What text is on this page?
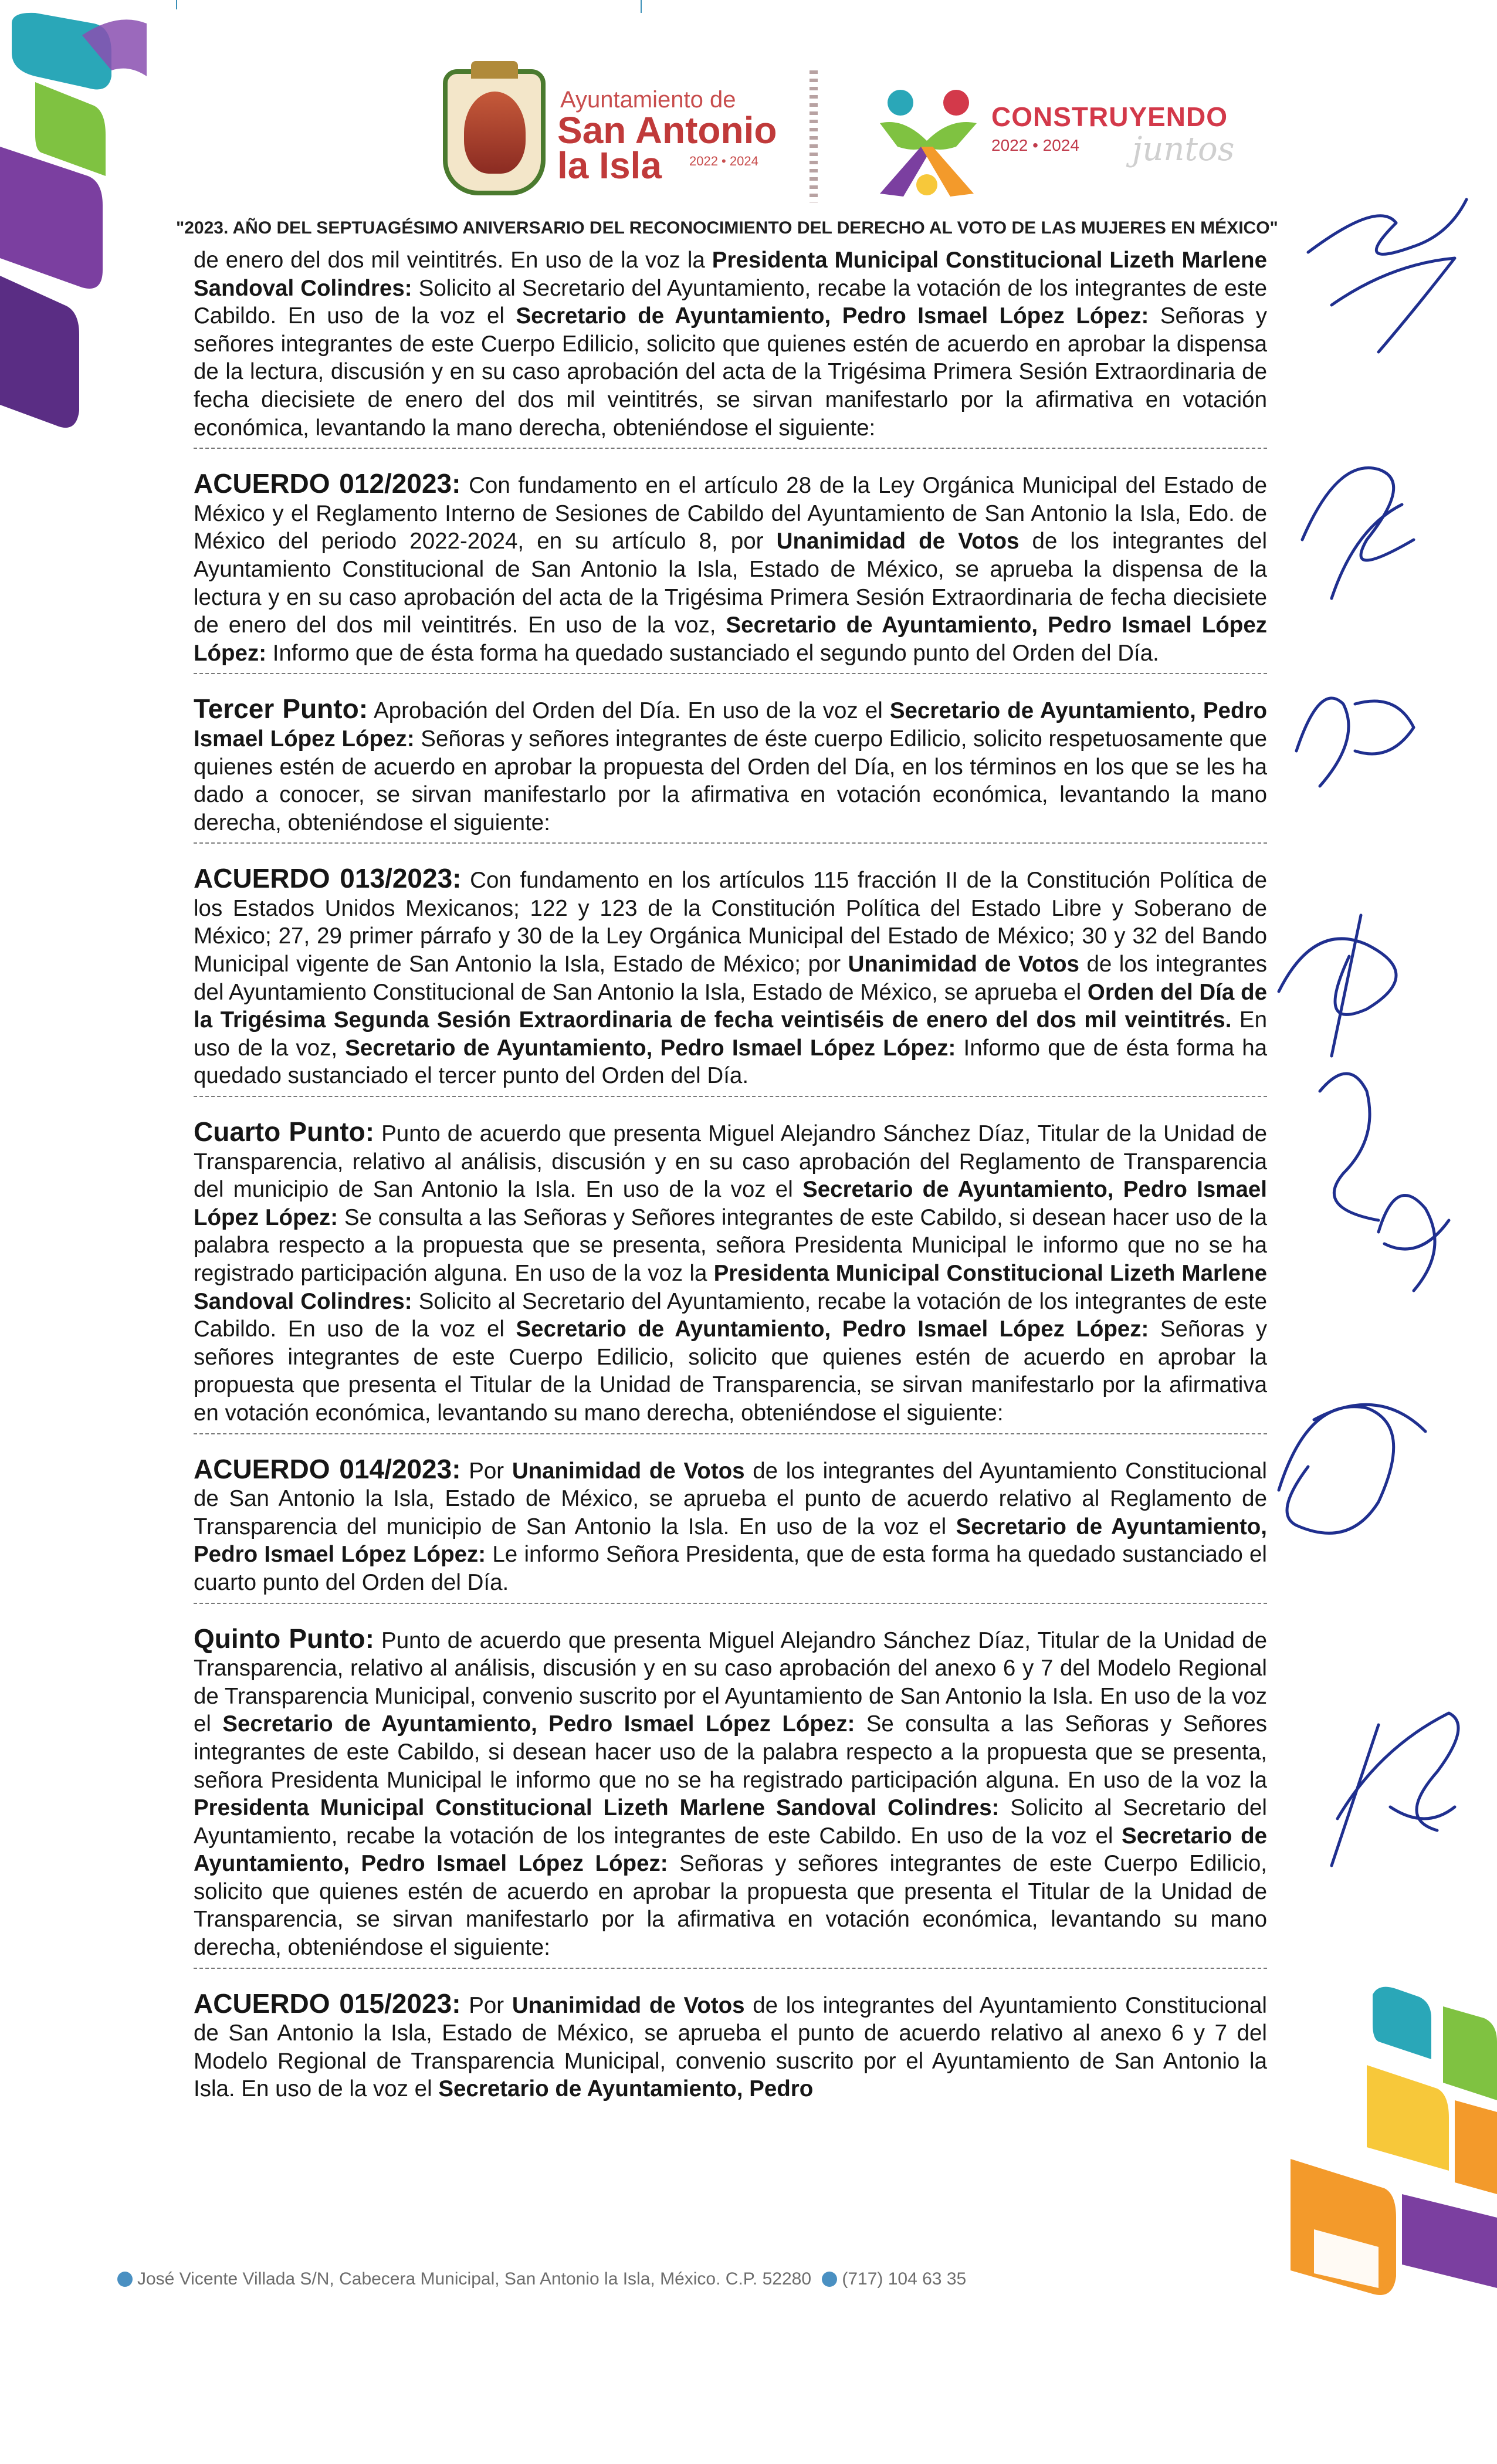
Ayuntamiento de
San Antonio la Isla	2022 • 2024
CONSTRUYENDO
2022 • 2024 juntos
"2023. AÑO DEL SEPTUAGÉSIMO ANIVERSARIO DEL RECONOCIMIENTO DEL DERECHO AL VOTO DE LAS MUJERES EN MÉXICO"

de enero del dos mil veintitrés. En uso de la voz la Presidenta Municipal Constitucional Lizeth Marlene Sandoval Colindres: Solicito al Secretario del Ayuntamiento, recabe la votación de los integrantes de este Cabildo. En uso de la voz el Secretario de Ayuntamiento, Pedro Ismael López López: Señoras y señores integrantes de este Cuerpo Edilicio, solicito que quienes estén de acuerdo en aprobar la dispensa de la lectura, discusión y en su caso aprobación del acta de la Trigésima Primera Sesión Extraordinaria de fecha diecisiete de enero del dos mil veintitrés, se sirvan manifestarlo por la afirmativa en votación económica, levantando la mano derecha, obteniéndose el siguiente:

ACUERDO 012/2023: Con fundamento en el artículo 28 de la Ley Orgánica Municipal del Estado de México y el Reglamento Interno de Sesiones de Cabildo del Ayuntamiento de San Antonio la Isla, Edo. de México del periodo 2022-2024, en su artículo 8, por Unanimidad de Votos de los integrantes del Ayuntamiento Constitucional de San Antonio la Isla, Estado de México, se aprueba la dispensa de la lectura y en su caso aprobación del acta de la Trigésima Primera Sesión Extraordinaria de fecha diecisiete de enero del dos mil veintitrés. En uso de la voz, Secretario de Ayuntamiento, Pedro Ismael López López: Informo que de ésta forma ha quedado sustanciado el segundo punto del Orden del Día.

Tercer Punto: Aprobación del Orden del Día. En uso de la voz el Secretario de Ayuntamiento, Pedro Ismael López López: Señoras y señores integrantes de éste cuerpo Edilicio, solicito respetuosamente que quienes estén de acuerdo en aprobar la propuesta del Orden del Día, en los términos en los que se les ha dado a conocer, se sirvan manifestarlo por la afirmativa en votación económica, levantando la mano derecha, obteniéndose el siguiente:

ACUERDO 013/2023: Con fundamento en los artículos 115 fracción II de la Constitución Política de los Estados Unidos Mexicanos; 122 y 123 de la Constitución Política del Estado Libre y Soberano de México; 27, 29 primer párrafo y 30 de la Ley Orgánica Municipal del Estado de México; 30 y 32 del Bando Municipal vigente de San Antonio la Isla, Estado de México; por Unanimidad de Votos de los integrantes del Ayuntamiento Constitucional de San Antonio la Isla, Estado de México, se aprueba el Orden del Día de la Trigésima Segunda Sesión Extraordinaria de fecha veintiséis de enero del dos mil veintitrés. En uso de la voz, Secretario de Ayuntamiento, Pedro Ismael López López: Informo que de ésta forma ha quedado sustanciado el tercer punto del Orden del Día.

Cuarto Punto: Punto de acuerdo que presenta Miguel Alejandro Sánchez Díaz, Titular de la Unidad de Transparencia, relativo al análisis, discusión y en su caso aprobación del Reglamento de Transparencia del municipio de San Antonio la Isla. En uso de la voz el Secretario de Ayuntamiento, Pedro Ismael López López: Se consulta a las Señoras y Señores integrantes de este Cabildo, si desean hacer uso de la palabra respecto a la propuesta que se presenta, señora Presidenta Municipal le informo que no se ha registrado participación alguna. En uso de la voz la Presidenta Municipal Constitucional Lizeth Marlene Sandoval Colindres: Solicito al Secretario del Ayuntamiento, recabe la votación de los integrantes de este Cabildo. En uso de la voz el Secretario de Ayuntamiento, Pedro Ismael López López: Señoras y señores integrantes de este Cuerpo Edilicio, solicito que quienes estén de acuerdo en aprobar la propuesta que presenta el Titular de la Unidad de Transparencia, se sirvan manifestarlo por la afirmativa en votación económica, levantando su mano derecha, obteniéndose el siguiente:

ACUERDO 014/2023: Por Unanimidad de Votos de los integrantes del Ayuntamiento Constitucional de San Antonio la Isla, Estado de México, se aprueba el punto de acuerdo relativo al Reglamento de Transparencia del municipio de San Antonio la Isla. En uso de la voz el Secretario de Ayuntamiento, Pedro Ismael López López: Le informo Señora Presidenta, que de esta forma ha quedado sustanciado el cuarto punto del Orden del Día.

Quinto Punto: Punto de acuerdo que presenta Miguel Alejandro Sánchez Díaz, Titular de la Unidad de Transparencia, relativo al análisis, discusión y en su caso aprobación del anexo 6 y 7 del Modelo Regional de Transparencia Municipal, convenio suscrito por el Ayuntamiento de San Antonio la Isla. En uso de la voz el Secretario de Ayuntamiento, Pedro Ismael López López: Se consulta a las Señoras y Señores integrantes de este Cabildo, si desean hacer uso de la palabra respecto a la propuesta que se presenta, señora Presidenta Municipal le informo que no se ha registrado participación alguna. En uso de la voz la Presidenta Municipal Constitucional Lizeth Marlene Sandoval Colindres: Solicito al Secretario del Ayuntamiento, recabe la votación de los integrantes de este Cabildo. En uso de la voz el Secretario de Ayuntamiento, Pedro Ismael López López: Señoras y señores integrantes de este Cuerpo Edilicio, solicito que quienes estén de acuerdo en aprobar la propuesta que presenta el Titular de la Unidad de Transparencia, se sirvan manifestarlo por la afirmativa en votación económica, levantando su mano derecha, obteniéndose el siguiente:

ACUERDO 015/2023: Por Unanimidad de Votos de los integrantes del Ayuntamiento Constitucional de San Antonio la Isla, Estado de México, se aprueba el punto de acuerdo relativo al anexo 6 y 7 del Modelo Regional de Transparencia Municipal, convenio suscrito por el Ayuntamiento de San Antonio la Isla. En uso de la voz el Secretario de Ayuntamiento, Pedro

José Vicente Villada S/N, Cabecera Municipal, San Antonio la Isla, México. C.P. 52280 (717) 104 63 35
